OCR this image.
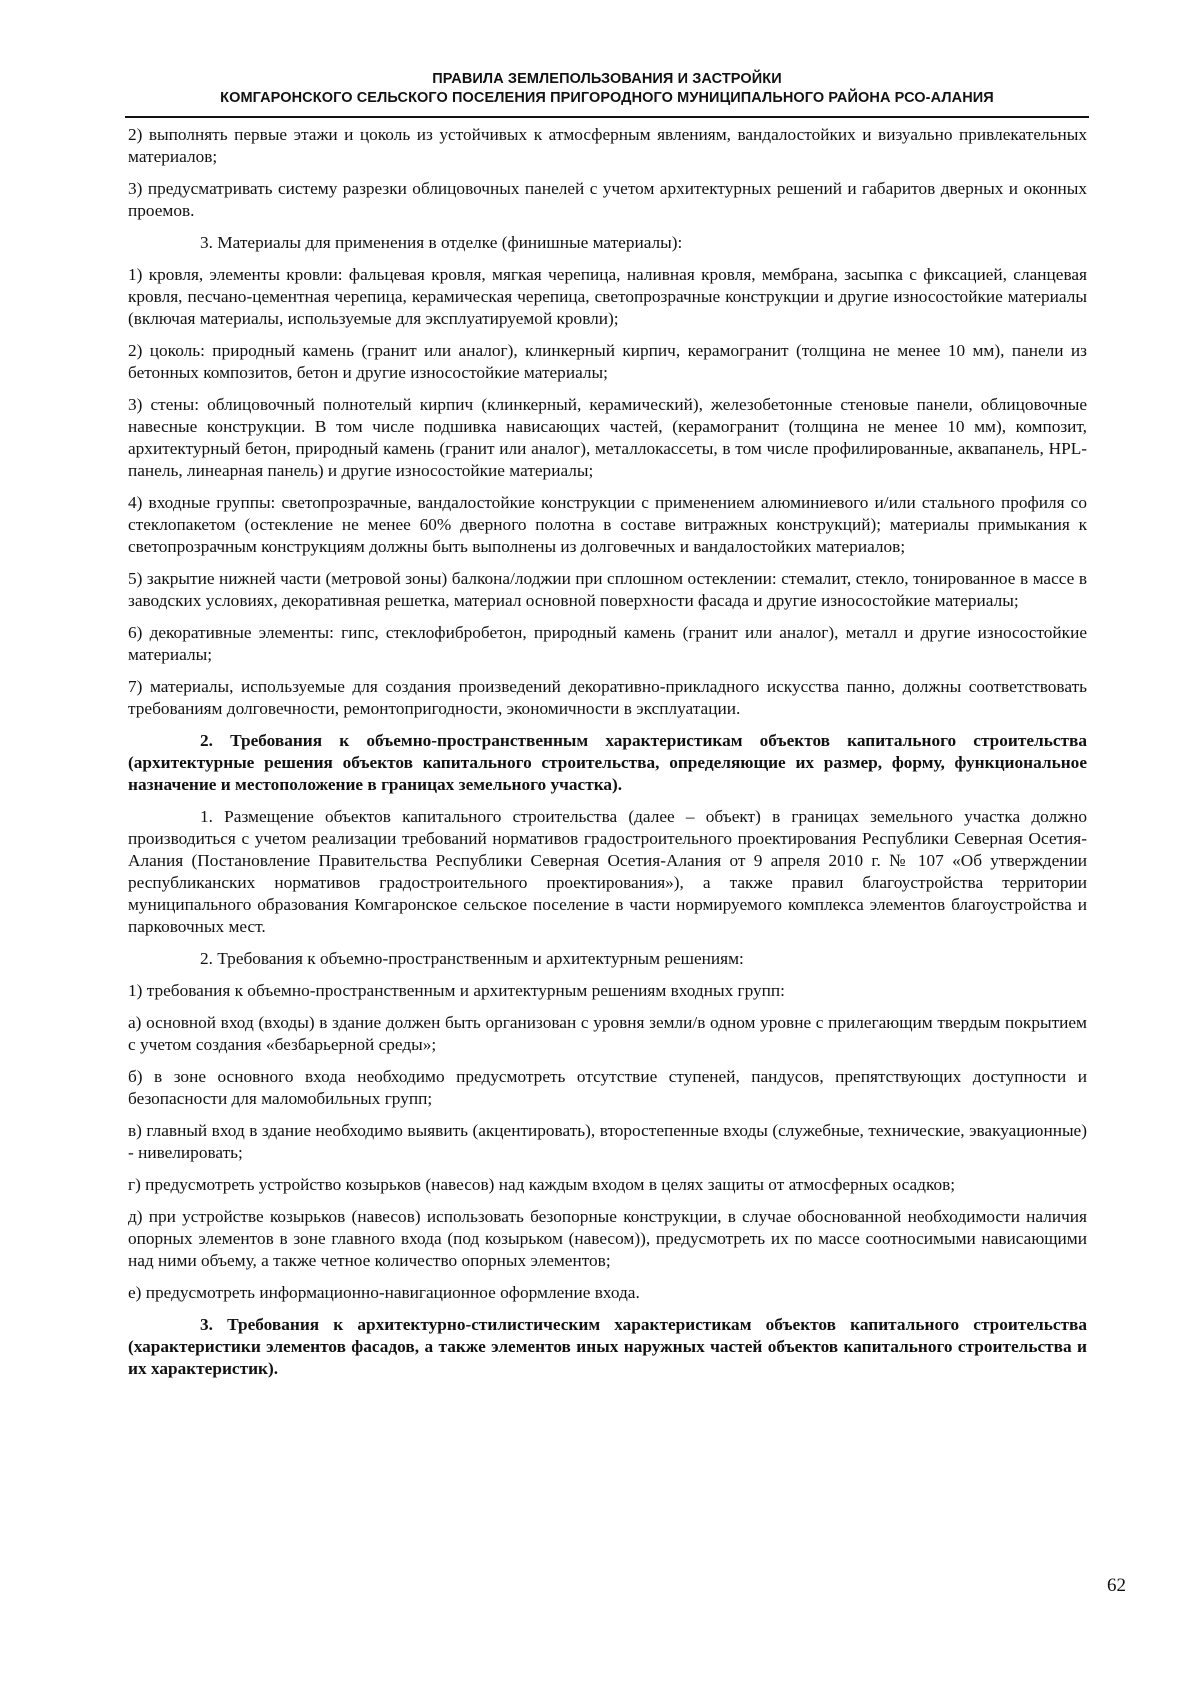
ПРАВИЛА ЗЕМЛЕПОЛЬЗОВАНИЯ И ЗАСТРОЙКИ
КОМГАРОНСКОГО СЕЛЬСКОГО ПОСЕЛЕНИЯ ПРИГОРОДНОГО МУНИЦИПАЛЬНОГО РАЙОНА РСО-АЛАНИЯ

2) выполнять первые этажи и цоколь из устойчивых к атмосферным явлениям, вандалостойких и визуально привлекательных материалов;

3) предусматривать систему разрезки облицовочных панелей с учетом архитектурных решений и габаритов дверных и оконных проемов.

3. Материалы для применения в отделке (финишные материалы):

1) кровля, элементы кровли: фальцевая кровля, мягкая черепица, наливная кровля, мембрана, засыпка с фиксацией, сланцевая кровля, песчано-цементная черепица, керамическая черепица, светопрозрачные конструкции и другие износостойкие материалы (включая материалы, используемые для эксплуатируемой кровли);

2) цоколь: природный камень (гранит или аналог), клинкерный кирпич, керамогранит (толщина не менее 10 мм), панели из бетонных композитов, бетон и другие износостойкие материалы;

3) стены: облицовочный полнотелый кирпич (клинкерный, керамический), железобетонные стеновые панели, облицовочные навесные конструкции. В том числе подшивка нависающих частей, (керамогранит (толщина не менее 10 мм), композит, архитектурный бетон, природный камень (гранит или аналог), металлокассеты, в том числе профилированные, аквапанель, HPL-панель, линеарная панель) и другие износостойкие материалы;

4) входные группы: светопрозрачные, вандалостойкие конструкции с применением алюминиевого и/или стального профиля со стеклопакетом (остекление не менее 60% дверного полотна в составе витражных конструкций); материалы примыкания к светопрозрачным конструкциям должны быть выполнены из долговечных и вандалостойких материалов;

5) закрытие нижней части (метровой зоны) балкона/лоджии при сплошном остеклении: стемалит, стекло, тонированное в массе в заводских условиях, декоративная решетка, материал основной поверхности фасада и другие износостойкие материалы;

6) декоративные элементы: гипс, стеклофибробетон, природный камень (гранит или аналог), металл и другие износостойкие материалы;

7) материалы, используемые для создания произведений декоративно-прикладного искусства панно, должны соответствовать требованиям долговечности, ремонтопригодности, экономичности в эксплуатации.

2. Требования к объемно-пространственным характеристикам объектов капитального строительства (архитектурные решения объектов капитального строительства, определяющие их размер, форму, функциональное назначение и местоположение в границах земельного участка).

1. Размещение объектов капитального строительства (далее – объект) в границах земельного участка должно производиться с учетом реализации требований нормативов градостроительного проектирования Республики Северная Осетия-Алания (Постановление Правительства Республики Северная Осетия-Алания от 9 апреля 2010 г. № 107 «Об утверждении республиканских нормативов градостроительного проектирования»), а также правил благоустройства территории муниципального образования Комгаронское сельское поселение в части нормируемого комплекса элементов благоустройства и парковочных мест.

2. Требования к объемно-пространственным и архитектурным решениям:

1) требования к объемно-пространственным и архитектурным решениям входных групп:

а) основной вход (входы) в здание должен быть организован с уровня земли/в одном уровне с прилегающим твердым покрытием с учетом создания «безбарьерной среды»;

б) в зоне основного входа необходимо предусмотреть отсутствие ступеней, пандусов, препятствующих доступности и безопасности для маломобильных групп;

в) главный вход в здание необходимо выявить (акцентировать), второстепенные входы (служебные, технические, эвакуационные) - нивелировать;

г) предусмотреть устройство козырьков (навесов) над каждым входом в целях защиты от атмосферных осадков;

д) при устройстве козырьков (навесов) использовать безопорные конструкции, в случае обоснованной необходимости наличия опорных элементов в зоне главного входа (под козырьком (навесом)), предусмотреть их по массе соотносимыми нависающими над ними объему, а также четное количество опорных элементов;

е) предусмотреть информационно-навигационное оформление входа.

3. Требования к архитектурно-стилистическим характеристикам объектов капитального строительства (характеристики элементов фасадов, а также элементов иных наружных частей объектов капитального строительства и их характеристик).

62
